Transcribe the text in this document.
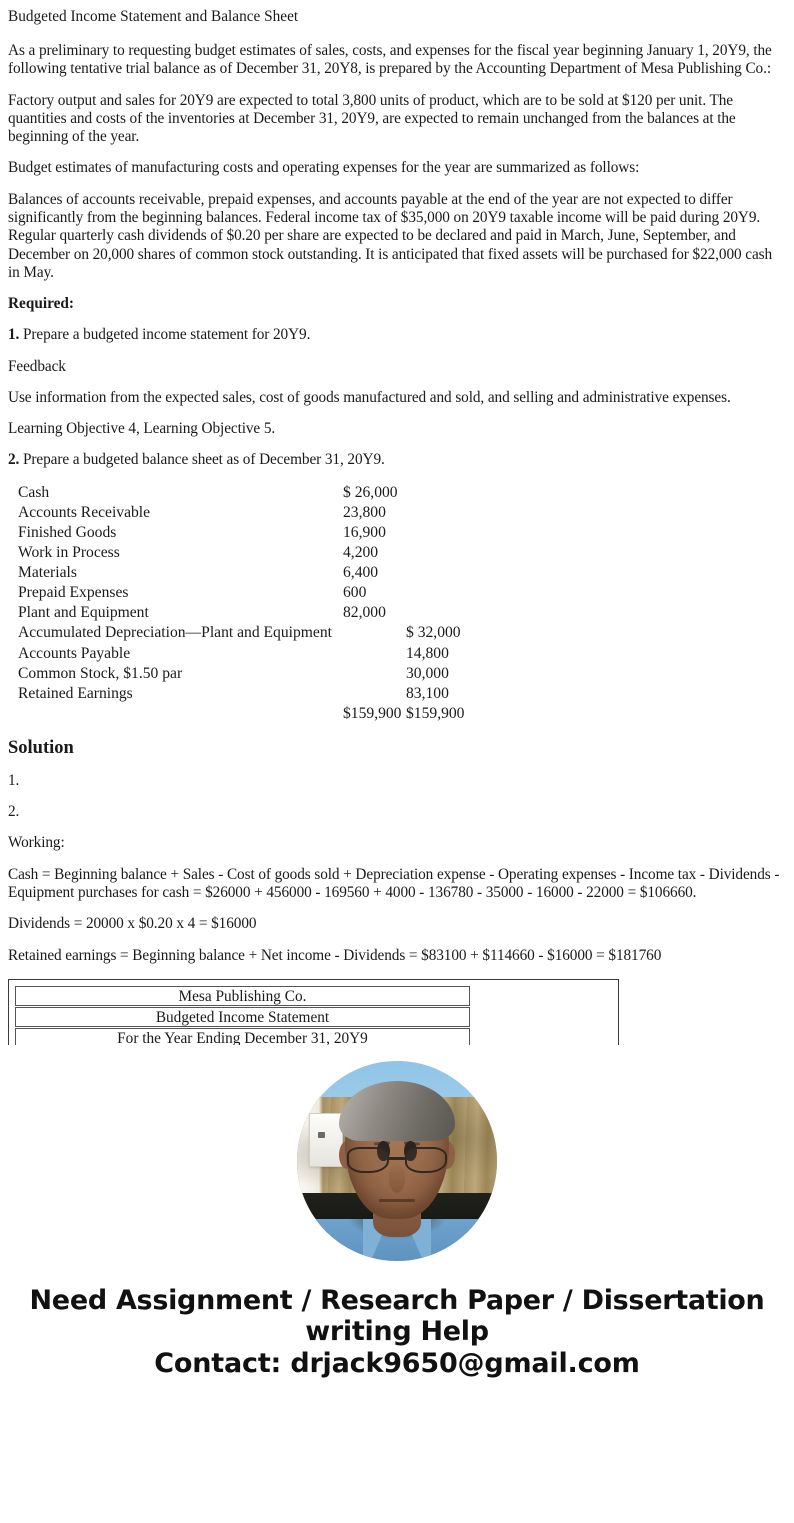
Budgeted Income Statement and Balance Sheet
As a preliminary to requesting budget estimates of sales, costs, and expenses for the fiscal year beginning January 1, 20Y9, the following tentative trial balance as of December 31, 20Y8, is prepared by the Accounting Department of Mesa Publishing Co.:
Factory output and sales for 20Y9 are expected to total 3,800 units of product, which are to be sold at $120 per unit. The quantities and costs of the inventories at December 31, 20Y9, are expected to remain unchanged from the balances at the beginning of the year.
Budget estimates of manufacturing costs and operating expenses for the year are summarized as follows:
Balances of accounts receivable, prepaid expenses, and accounts payable at the end of the year are not expected to differ significantly from the beginning balances. Federal income tax of $35,000 on 20Y9 taxable income will be paid during 20Y9. Regular quarterly cash dividends of $0.20 per share are expected to be declared and paid in March, June, September, and December on 20,000 shares of common stock outstanding. It is anticipated that fixed assets will be purchased for $22,000 cash in May.
Required:
1. Prepare a budgeted income statement for 20Y9.
Feedback
Use information from the expected sales, cost of goods manufactured and sold, and selling and administrative expenses.
Learning Objective 4, Learning Objective 5.
2. Prepare a budgeted balance sheet as of December 31, 20Y9.
Cash	$ 26,000	
Accounts Receivable	23,800	
Finished Goods	16,900	
Work in Process	4,200	
Materials	6,400	
Prepaid Expenses	600	
Plant and Equipment	82,000	
Accumulated Depreciation—Plant and Equipment		$ 32,000
Accounts Payable		14,800
Common Stock, $1.50 par		30,000
Retained Earnings		83,100
	$159,900	$159,900
Solution
1.
2.
Working:
Cash = Beginning balance + Sales - Cost of goods sold + Depreciation expense - Operating expenses - Income tax - Dividends - Equipment purchases for cash = $26000 + 456000 - 169560 + 4000 - 136780 - 35000 - 16000 - 22000 = $106660.
Dividends = 20000 x $0.20 x 4 = $16000
Retained earnings = Beginning balance + Net income - Dividends = $83100 + $114660 - $16000 = $181760
Mesa Publishing Co.
Budgeted Income Statement
For the Year Ending December 31, 20Y9
Need Assignment / Research Paper / Dissertation
writing Help
Contact: drjack9650@gmail.com
